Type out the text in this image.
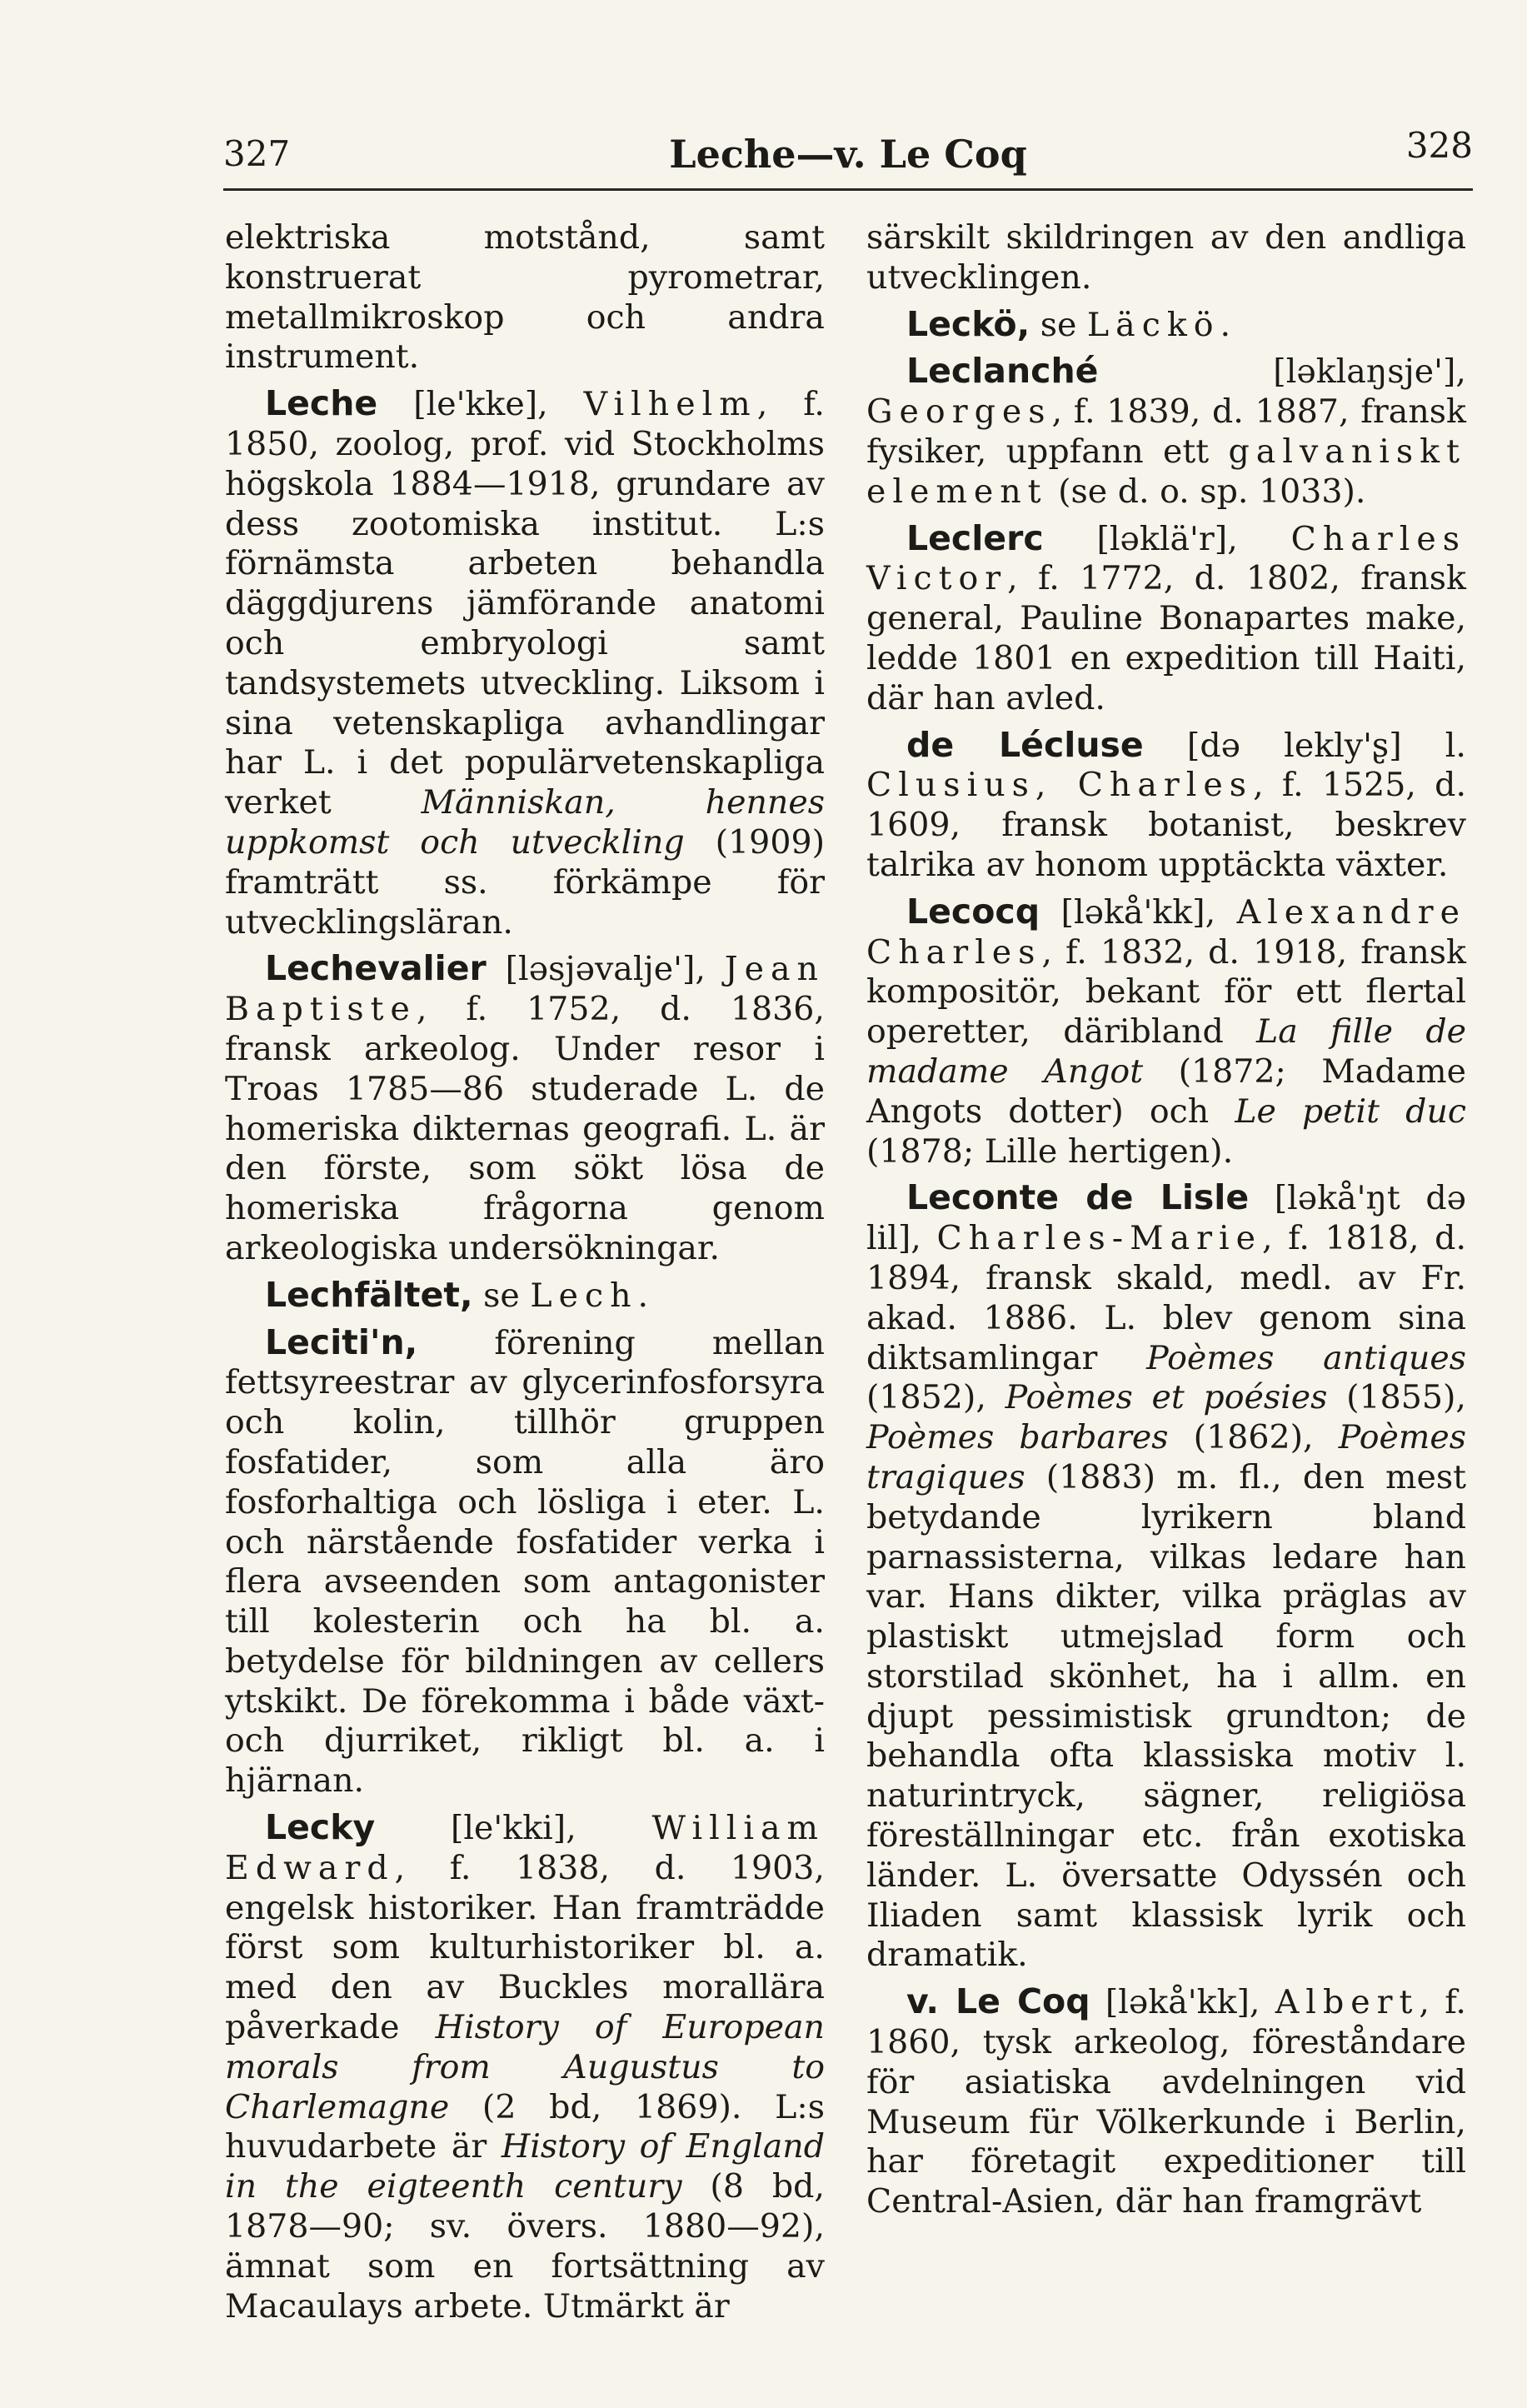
327	Leche—v. Le Coq	328

elektriska motstånd, samt konstruerat pyrometrar, metallmikroskop och andra instrument.

Leche [le'kke], Vilhelm, f. 1850, zoolog, prof. vid Stockholms högskola 1884—1918, grundare av dess zootomiska institut. L:s förnämsta arbeten behandla däggdjurens jämförande anatomi och embryologi samt tandsystemets utveckling. Liksom i sina vetenskapliga avhandlingar har L. i det populärvetenskapliga verket Människan, hennes uppkomst och utveckling (1909) framträtt ss. förkämpe för utvecklingsläran.

Lechevalier [ləsjəvalje'], Jean Baptiste, f. 1752, d. 1836, fransk arkeolog. Under resor i Troas 1785—86 studerade L. de homeriska dikternas geografi. L. är den förste, som sökt lösa de homeriska frågorna genom arkeologiska undersökningar.

Lechfältet, se Lech.

Leciti'n, förening mellan fettsyreestrar av glycerinfosforsyra och kolin, tillhör gruppen fosfatider, som alla äro fosforhaltiga och lösliga i eter. L. och närstående fosfatider verka i flera avseenden som antagonister till kolesterin och ha bl. a. betydelse för bildningen av cellers ytskikt. De förekomma i både växt- och djurriket, rikligt bl. a. i hjärnan.

Lecky [le'kki], William Edward, f. 1838, d. 1903, engelsk historiker. Han framträdde först som kulturhistoriker bl. a. med den av Buckles morallära påverkade History of European morals from Augustus to Charlemagne (2 bd, 1869). L:s huvudarbete är History of England in the eigteenth century (8 bd, 1878—90; sv. övers. 1880—92), ämnat som en fortsättning av Macaulays arbete. Utmärkt är

särskilt skildringen av den andliga utvecklingen.

Leckö, se Läckö.

Leclanché [ləklaŋsje'], Georges, f. 1839, d. 1887, fransk fysiker, uppfann ett galvaniskt element (se d. o. sp. 1033).

Leclerc [ləklä'r], Charles Victor, f. 1772, d. 1802, fransk general, Pauline Bonapartes make, ledde 1801 en expedition till Haiti, där han avled.

de Lécluse [də lekly'ʂ] l. Clusius, Charles, f. 1525, d. 1609, fransk botanist, beskrev talrika av honom upptäckta växter.

Lecocq [ləkå'kk], Alexandre Charles, f. 1832, d. 1918, fransk kompositör, bekant för ett flertal operetter, däribland La fille de madame Angot (1872; Madame Angots dotter) och Le petit duc (1878; Lille hertigen).

Leconte de Lisle [ləkå'ŋt də lil], Charles-Marie, f. 1818, d. 1894, fransk skald, medl. av Fr. akad. 1886. L. blev genom sina diktsamlingar Poèmes antiques (1852), Poèmes et poésies (1855), Poèmes barbares (1862), Poèmes tragiques (1883) m. fl., den mest betydande lyrikern bland parnassisterna, vilkas ledare han var. Hans dikter, vilka präglas av plastiskt utmejslad form och storstilad skönhet, ha i allm. en djupt pessimistisk grundton; de behandla ofta klassiska motiv l. naturintryck, sägner, religiösa föreställningar etc. från exotiska länder. L. översatte Odyssén och Iliaden samt klassisk lyrik och dramatik.

v. Le Coq [ləkå'kk], Albert, f. 1860, tysk arkeolog, föreståndare för asiatiska avdelningen vid Museum für Völkerkunde i Berlin, har företagit expeditioner till Central-Asien, där han framgrävt
